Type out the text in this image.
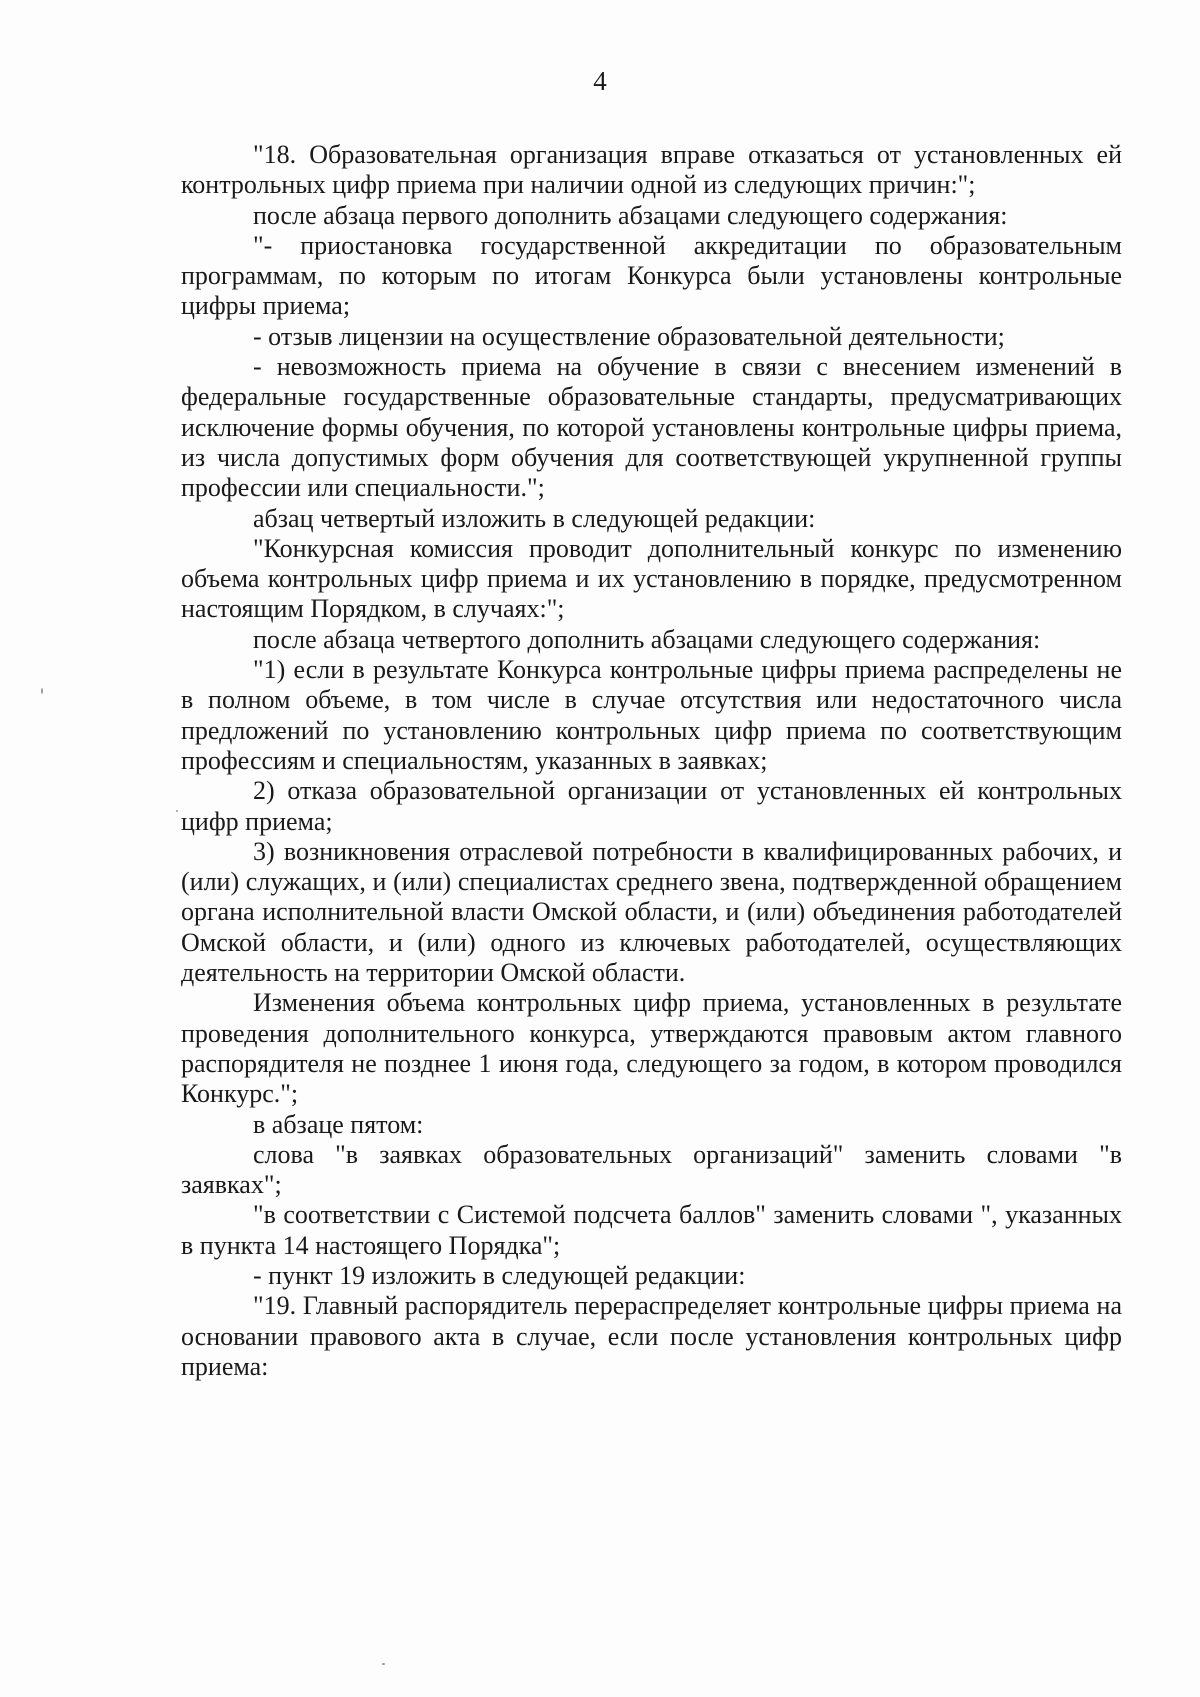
4

"18. Образовательная организация вправе отказаться от установленных ей контрольных цифр приема при наличии одной из следующих причин:";

после абзаца первого дополнить абзацами следующего содержания:

"- приостановка государственной аккредитации по образовательным программам, по которым по итогам Конкурса были установлены контрольные цифры приема;

- отзыв лицензии на осуществление образовательной деятельности;

- невозможность приема на обучение в связи с внесением изменений в федеральные государственные образовательные стандарты, предусматривающих исключение формы обучения, по которой установлены контрольные цифры приема, из числа допустимых форм обучения для соответствующей укрупненной группы профессии или специальности.";

абзац четвертый изложить в следующей редакции:

"Конкурсная комиссия проводит дополнительный конкурс по изменению объема контрольных цифр приема и их установлению в порядке, предусмотренном настоящим Порядком, в случаях:";

после абзаца четвертого дополнить абзацами следующего содержания:

"1) если в результате Конкурса контрольные цифры приема распределены не в полном объеме, в том числе в случае отсутствия или недостаточного числа предложений по установлению контрольных цифр приема по соответствующим профессиям и специальностям, указанных в заявках;

2) отказа образовательной организации от установленных ей контрольных цифр приема;

3) возникновения отраслевой потребности в квалифицированных рабочих, и (или) служащих, и (или) специалистах среднего звена, подтвержденной обращением органа исполнительной власти Омской области, и (или) объединения работодателей Омской области, и (или) одного из ключевых работодателей, осуществляющих деятельность на территории Омской области.

Изменения объема контрольных цифр приема, установленных в результате проведения дополнительного конкурса, утверждаются правовым актом главного распорядителя не позднее 1 июня года, следующего за годом, в котором проводился Конкурс.";

в абзаце пятом:

слова "в заявках образовательных организаций" заменить словами "в заявках";

"в соответствии с Системой подсчета баллов" заменить словами ", указанных в пункта 14 настоящего Порядка";

- пункт 19 изложить в следующей редакции:

"19. Главный распорядитель перераспределяет контрольные цифры приема на основании правового акта в случае, если после установления контрольных цифр приема:
